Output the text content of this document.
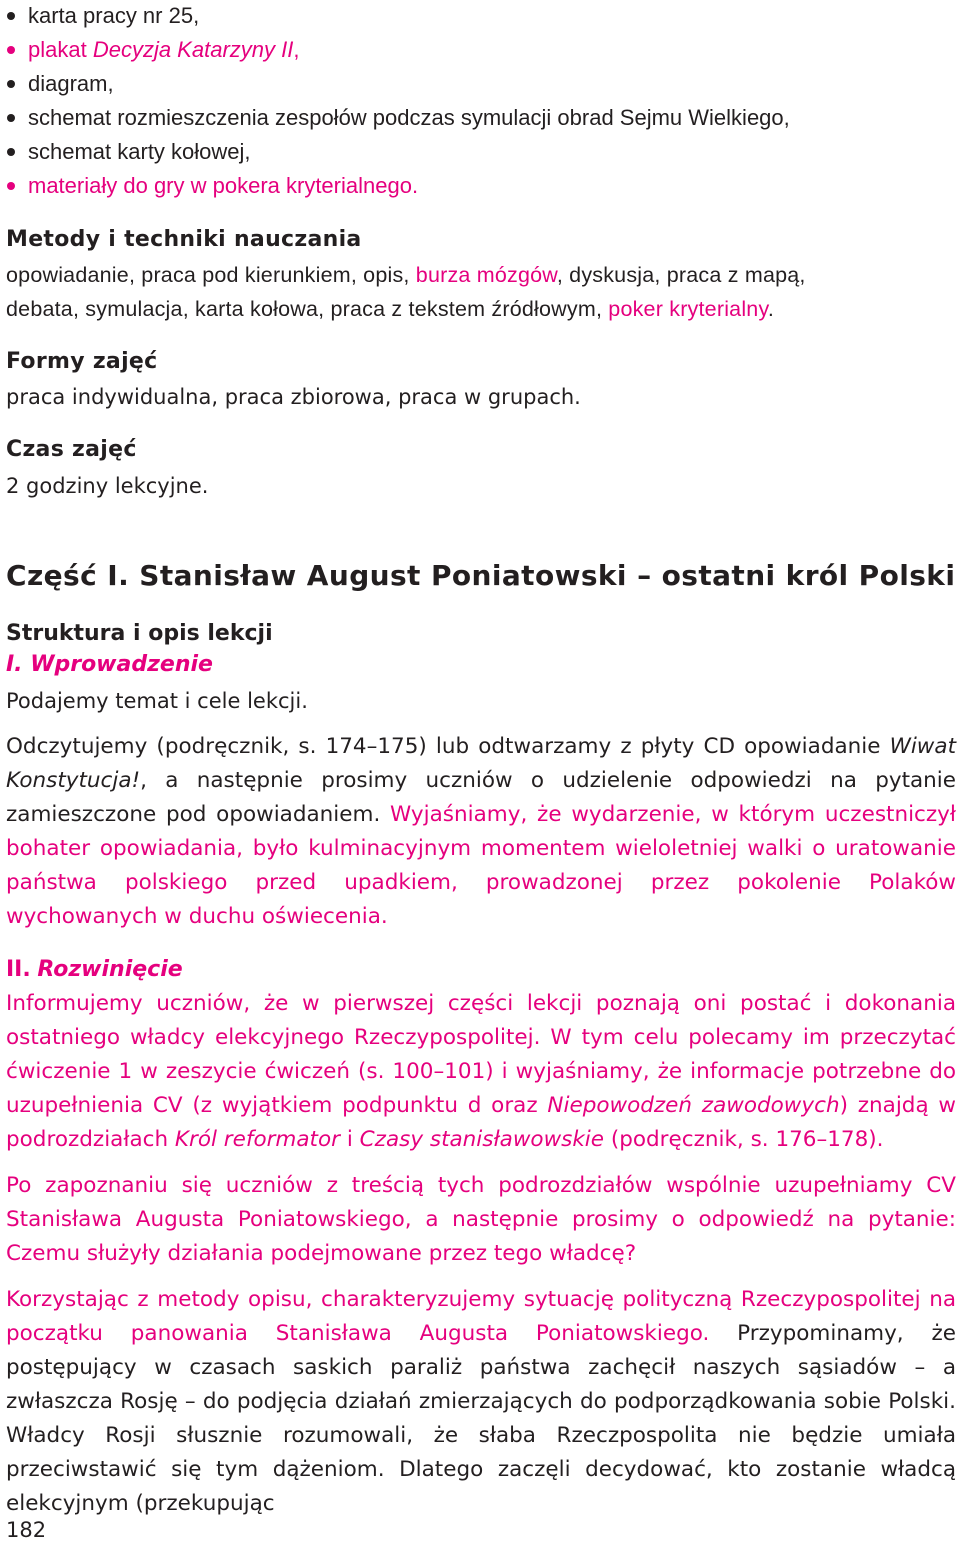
karta pracy nr 25,
plakat Decyzja Katarzyny II,
diagram,
schemat rozmieszczenia zespołów podczas symulacji obrad Sejmu Wielkiego,
schemat karty kołowej,
materiały do gry w pokera kryterialnego.
Metody i techniki nauczania
opowiadanie, praca pod kierunkiem, opis, burza mózgów, dyskusja, praca z mapą,
debata, symulacja, karta kołowa, praca z tekstem źródłowym, poker kryterialny.
Formy zajęć
praca indywidualna, praca zbiorowa, praca w grupach.
Czas zajęć
2 godziny lekcyjne.
Część I. Stanisław August Poniatowski – ostatni król Polski
Struktura i opis lekcji
I. Wprowadzenie
Podajemy temat i cele lekcji.
Odczytujemy (podręcznik, s. 174–175) lub odtwarzamy z płyty CD opowiadanie Wiwat Konstytucja!, a następnie prosimy uczniów o udzielenie odpowiedzi na pytanie zamieszczone pod opowiadaniem. Wyjaśniamy, że wydarzenie, w którym uczestniczył bohater opowiadania, było kulminacyjnym momentem wieloletniej walki o uratowanie państwa polskiego przed upadkiem, prowadzonej przez pokolenie Polaków wychowanych w duchu oświecenia.
II. Rozwinięcie
Informujemy uczniów, że w pierwszej części lekcji poznają oni postać i dokonania ostatniego władcy elekcyjnego Rzeczypospolitej. W tym celu polecamy im przeczytać ćwiczenie 1 w zeszycie ćwiczeń (s. 100–101) i wyjaśniamy, że informacje potrzebne do uzupełnienia CV (z wyjątkiem podpunktu d oraz Niepowodzeń zawodowych) znajdą w podrozdziałach Król reformator i Czasy stanisławowskie (podręcznik, s. 176–178).
Po zapoznaniu się uczniów z treścią tych podrozdziałów wspólnie uzupełniamy CV Stanisława Augusta Poniatowskiego, a następnie prosimy o odpowiedź na pytanie: Czemu służyły działania podejmowane przez tego władcę?
Korzystając z metody opisu, charakteryzujemy sytuację polityczną Rzeczypospolitej na początku panowania Stanisława Augusta Poniatowskiego. Przypominamy, że postępujący w czasach saskich paraliż państwa zachęcił naszych sąsiadów – a zwłaszcza Rosję – do podjęcia działań zmierzających do podporządkowania sobie Polski. Władcy Rosji słusznie rozumowali, że słaba Rzeczpospolita nie będzie umiała przeciwstawić się tym dążeniom. Dlatego zaczęli decydować, kto zostanie władcą elekcyjnym (przekupując
182
